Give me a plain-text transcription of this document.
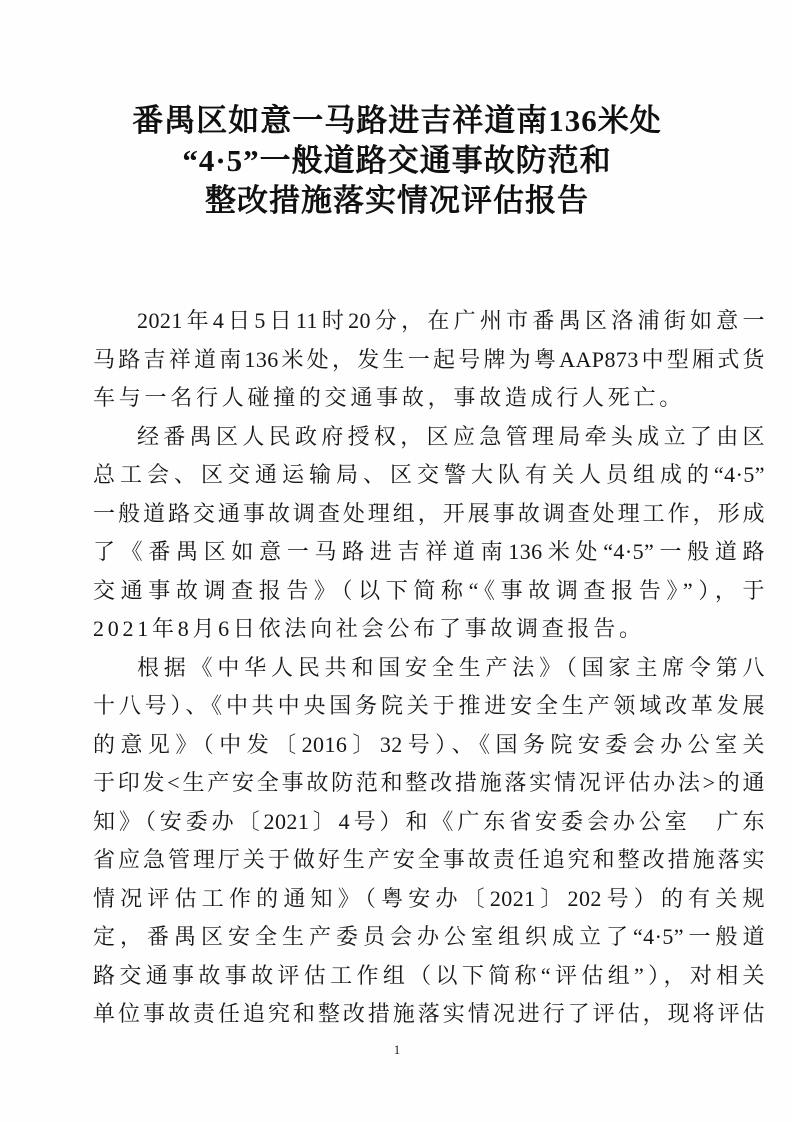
番禺区如意一马路进吉祥道南136米处
“4·5”一般道路交通事故防范和
整改措施落实情况评估报告
2021年4日5日11时20分，在广州市番禺区洛浦街如意一
马路吉祥道南136米处，发生一起号牌为粤AAP873中型厢式货
车与一名行人碰撞的交通事故，事故造成行人死亡。
经番禺区人民政府授权，区应急管理局牵头成立了由区
总工会、区交通运输局、区交警大队有关人员组成的“4·5”
一般道路交通事故调查处理组，开展事故调查处理工作，形成
了《番禺区如意一马路进吉祥道南136米处“4·5”一般道路
交通事故调查报告》（以下简称“《事故调查报告》”），于
2021年8月6日依法向社会公布了事故调查报告。
根据《中华人民共和国安全生产法》（国家主席令第八
十八号）、《中共中央国务院关于推进安全生产领域改革发展
的意见》（中发〔2016〕32号）、《国务院安委会办公室关
于印发<生产安全事故防范和整改措施落实情况评估办法>的通
知》（安委办〔2021〕4号）和《广东省安委会办公室　广东
省应急管理厅关于做好生产安全事故责任追究和整改措施落实
情况评估工作的通知》（粤安办〔2021〕202号）的有关规
定，番禺区安全生产委员会办公室组织成立了“4·5”一般道
路交通事故事故评估工作组（以下简称“评估组”），对相关
单位事故责任追究和整改措施落实情况进行了评估，现将评估
1
